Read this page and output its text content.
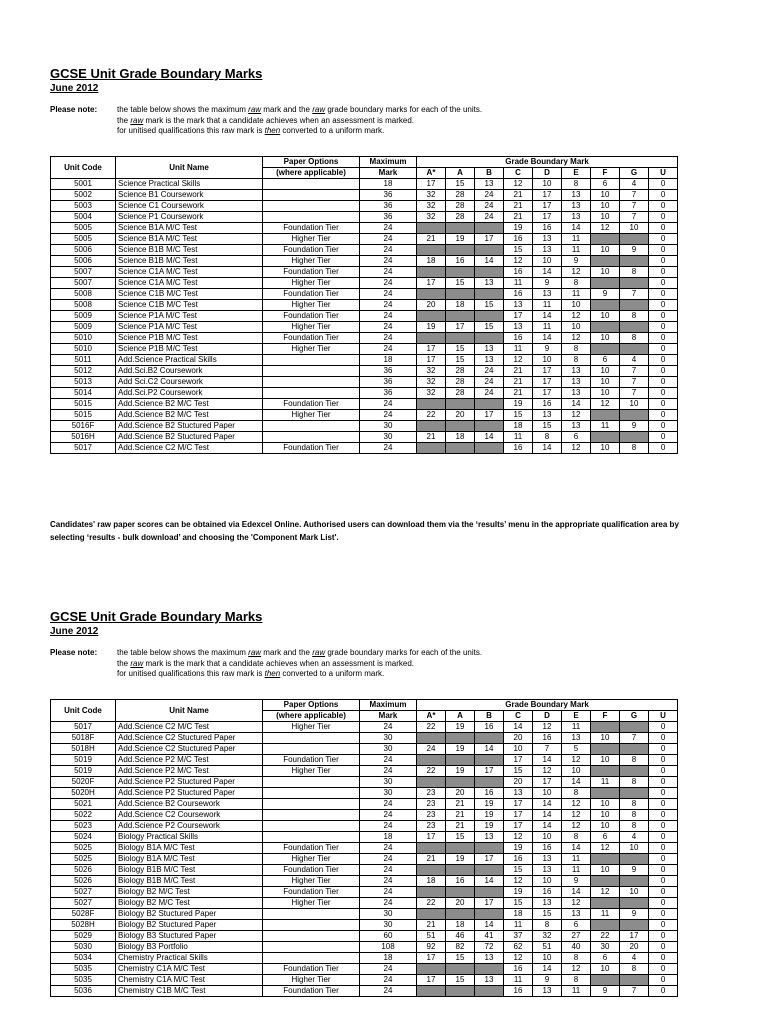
GCSE Unit Grade Boundary Marks
June 2012
Please note: the table below shows the maximum raw mark and the raw grade boundary marks for each of the units.
the raw mark is the mark that a candidate achieves when an assessment is marked.
for unitised qualifications this raw mark is then converted to a uniform mark.
Unit Code	Unit Name	Paper Options	Maximum	Grade Boundary Mark								
		(where applicable)	Mark	A*	A	B	C	D	E	F	G	U
5001	Science Practical Skills		18	17	15	13	12	10	8	6	4	0
5002	Science B1 Coursework		36	32	28	24	21	17	13	10	7	0
5003	Science C1 Coursework		36	32	28	24	21	17	13	10	7	0
5004	Science P1 Coursework		36	32	28	24	21	17	13	10	7	0
5005	Science B1A M/C Test	Foundation Tier	24				19	16	14	12	10	0
5005	Science B1A M/C Test	Higher Tier	24	21	19	17	16	13	11			0
5006	Science B1B M/C Test	Foundation Tier	24				15	13	11	10	9	0
5006	Science B1B M/C Test	Higher Tier	24	18	16	14	12	10	9			0
5007	Science C1A M/C Test	Foundation Tier	24				16	14	12	10	8	0
5007	Science C1A M/C Test	Higher Tier	24	17	15	13	11	9	8			0
5008	Science C1B M/C Test	Foundation Tier	24				16	13	11	9	7	0
5008	Science C1B M/C Test	Higher Tier	24	20	18	15	13	11	10			0
5009	Science P1A M/C Test	Foundation Tier	24				17	14	12	10	8	0
5009	Science P1A M/C Test	Higher Tier	24	19	17	15	13	11	10			0
5010	Science P1B M/C Test	Foundation Tier	24				16	14	12	10	8	0
5010	Science P1B M/C Test	Higher Tier	24	17	15	13	11	9	8			0
5011	Add.Science Practical Skills		18	17	15	13	12	10	8	6	4	0
5012	Add.Sci.B2 Coursework		36	32	28	24	21	17	13	10	7	0
5013	Add Sci.C2 Coursework		36	32	28	24	21	17	13	10	7	0
5014	Add.Sci.P2 Coursework		36	32	28	24	21	17	13	10	7	0
5015	Add.Science B2 M/C Test	Foundation Tier	24				19	16	14	12	10	0
5015	Add.Science B2 M/C Test	Higher Tier	24	22	20	17	15	13	12			0
5016F	Add.Science B2 Stuctured Paper		30				18	15	13	11	9	0
5016H	Add.Science B2 Stuctured Paper		30	21	18	14	11	8	6			0
5017	Add.Science C2 M/C Test	Foundation Tier	24				16	14	12	10	8	0
Candidates' raw paper scores can be obtained via Edexcel Online. Authorised users can download them via the ‘results’ menu in the appropriate qualification area by selecting ‘results - bulk download’ and choosing the 'Component Mark List'.
GCSE Unit Grade Boundary Marks
June 2012
Please note: the table below shows the maximum raw mark and the raw grade boundary marks for each of the units.
the raw mark is the mark that a candidate achieves when an assessment is marked.
for unitised qualifications this raw mark is then converted to a uniform mark.
Unit Code	Unit Name	Paper Options	Maximum	Grade Boundary Mark								
		(where applicable)	Mark	A*	A	B	C	D	E	F	G	U
5017	Add.Science C2 M/C Test	Higher Tier	24	22	19	16	14	12	11			0
5018F	Add.Science C2 Stuctured Paper		30				20	16	13	10	7	0
5018H	Add.Science C2 Stuctured Paper		30	24	19	14	10	7	5			0
5019	Add.Science P2 M/C Test	Foundation Tier	24				17	14	12	10	8	0
5019	Add.Science P2 M/C Test	Higher Tier	24	22	19	17	15	12	10			0
5020F	Add.Science P2 Stuctured Paper		30				20	17	14	11	8	0
5020H	Add.Science P2 Stuctured Paper		30	23	20	16	13	10	8			0
5021	Add.Science B2 Coursework		24	23	21	19	17	14	12	10	8	0
5022	Add.Science C2 Coursework		24	23	21	19	17	14	12	10	8	0
5023	Add.Science P2 Coursework		24	23	21	19	17	14	12	10	8	0
5024	Biology Practical Skills		18	17	15	13	12	10	8	6	4	0
5025	Biology B1A M/C Test	Foundation Tier	24				19	16	14	12	10	0
5025	Biology B1A M/C Test	Higher Tier	24	21	19	17	16	13	11			0
5026	Biology B1B M/C Test	Foundation Tier	24				15	13	11	10	9	0
5026	Biology B1B M/C Test	Higher Tier	24	18	16	14	12	10	9			0
5027	Biology B2 M/C Test	Foundation Tier	24				19	16	14	12	10	0
5027	Biology B2 M/C Test	Higher Tier	24	22	20	17	15	13	12			0
5028F	Biology B2 Stuctured Paper		30				18	15	13	11	9	0
5028H	Biology B2 Stuctured Paper		30	21	18	14	11	8	6			0
5029	Biology B3 Stuctured Paper		60	51	46	41	37	32	27	22	17	0
5030	Biology B3 Portfolio		108	92	82	72	62	51	40	30	20	0
5034	Chemistry Practical Skills		18	17	15	13	12	10	8	6	4	0
5035	Chemistry C1A M/C Test	Foundation Tier	24				16	14	12	10	8	0
5035	Chemistry C1A M/C Test	Higher Tier	24	17	15	13	11	9	8			0
5036	Chemistry C1B M/C Test	Foundation Tier	24				16	13	11	9	7	0
